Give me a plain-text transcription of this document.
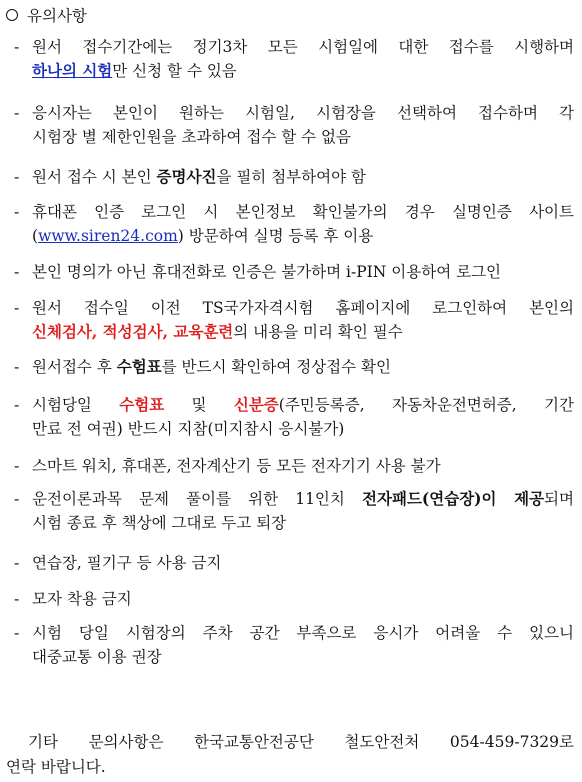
유의사항
- 원서 접수기간에는 정기3차 모든 시험일에 대한 접수를 시행하며
하나의 시험만 신청 할 수 있음
- 응시자는 본인이 원하는 시험일, 시험장을 선택하여 접수하며 각
시험장 별 제한인원을 초과하여 접수 할 수 없음
- 원서 접수 시 본인 증명사진을 필히 첨부하여야 함
- 휴대폰 인증 로그인 시 본인정보 확인불가의 경우 실명인증 사이트
(www.siren24.com) 방문하여 실명 등록 후 이용
- 본인 명의가 아닌 휴대전화로 인증은 불가하며 i-PIN 이용하여 로그인
- 원서 접수일 이전 TS국가자격시험 홈페이지에 로그인하여 본인의
신체검사, 적성검사, 교육훈련의 내용을 미리 확인 필수
- 원서접수 후 수험표를 반드시 확인하여 정상접수 확인
- 시험당일 수험표 및 신분증(주민등록증, 자동차운전면허증, 기간
만료 전 여권) 반드시 지참(미지참시 응시불가)
- 스마트 워치, 휴대폰, 전자계산기 등 모든 전자기기 사용 불가
- 운전이론과목 문제 풀이를 위한 11인치 전자패드(연습장)이 제공되며
시험 종료 후 책상에 그대로 두고 퇴장
- 연습장, 필기구 등 사용 금지
- 모자 착용 금지
- 시험 당일 시험장의 주차 공간 부족으로 응시가 어려울 수 있으니
대중교통 이용 권장
기타 문의사항은 한국교통안전공단 철도안전처 054-459-7329로
연락 바랍니다.
